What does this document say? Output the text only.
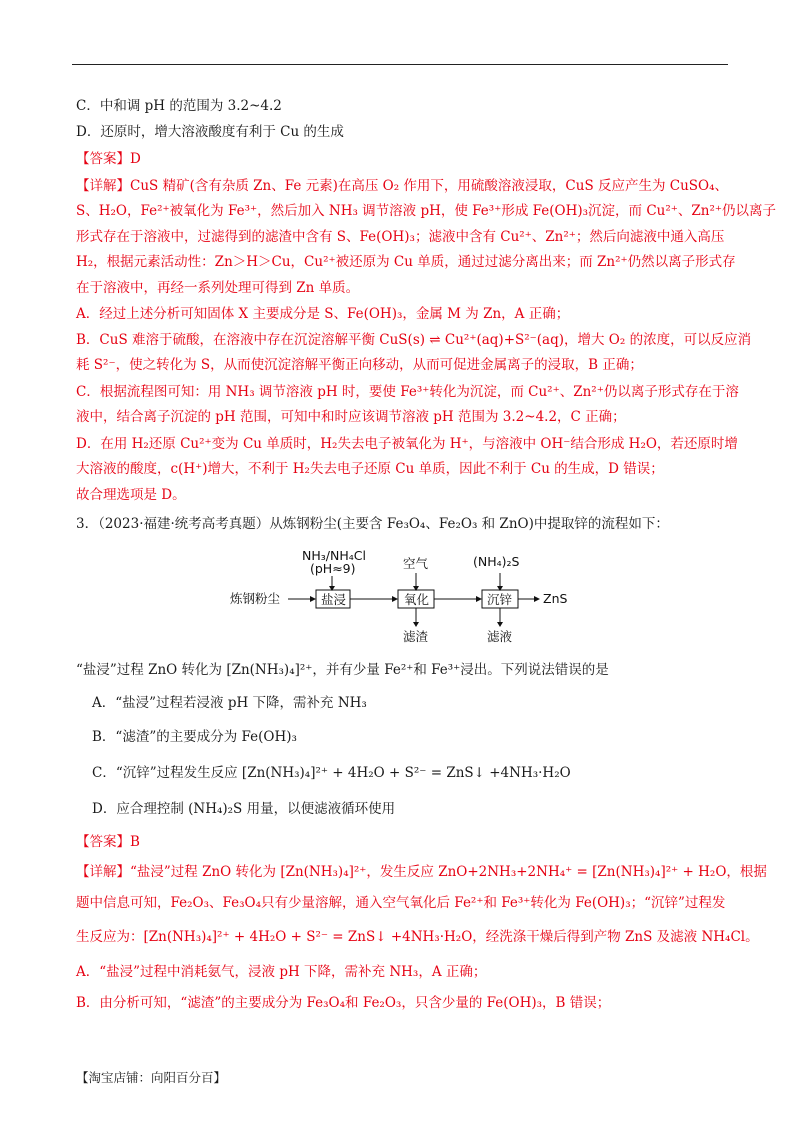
C．中和调 pH 的范围为 3.2~4.2
D．还原时，增大溶液酸度有利于 Cu 的生成
【答案】D
【详解】CuS 精矿(含有杂质 Zn、Fe 元素)在高压 O₂ 作用下，用硫酸溶液浸取，CuS 反应产生为 CuSO₄、
S、H₂O，Fe²⁺被氧化为 Fe³⁺，然后加入 NH₃ 调节溶液 pH，使 Fe³⁺形成 Fe(OH)₃沉淀，而 Cu²⁺、Zn²⁺仍以离子
形式存在于溶液中，过滤得到的滤渣中含有 S、Fe(OH)₃；滤液中含有 Cu²⁺、Zn²⁺；然后向滤液中通入高压
H₂，根据元素活动性：Zn＞H＞Cu，Cu²⁺被还原为 Cu 单质，通过过滤分离出来；而 Zn²⁺仍然以离子形式存
在于溶液中，再经一系列处理可得到 Zn 单质。
A．经过上述分析可知固体 X 主要成分是 S、Fe(OH)₃，金属 M 为 Zn，A 正确；
B．CuS 难溶于硫酸，在溶液中存在沉淀溶解平衡 CuS(s) ⇌ Cu²⁺(aq)+S²⁻(aq)，增大 O₂ 的浓度，可以反应消
耗 S²⁻，使之转化为 S，从而使沉淀溶解平衡正向移动，从而可促进金属离子的浸取，B 正确；
C．根据流程图可知：用 NH₃ 调节溶液 pH 时，要使 Fe³⁺转化为沉淀，而 Cu²⁺、Zn²⁺仍以离子形式存在于溶
液中，结合离子沉淀的 pH 范围，可知中和时应该调节溶液 pH 范围为 3.2~4.2，C 正确；
D．在用 H₂还原 Cu²⁺变为 Cu 单质时，H₂失去电子被氧化为 H⁺，与溶液中 OH⁻结合形成 H₂O，若还原时增
大溶液的酸度，c(H⁺)增大，不利于 H₂失去电子还原 Cu 单质，因此不利于 Cu 的生成，D 错误；
故合理选项是 D。
3．（2023·福建·统考高考真题）从炼钢粉尘(主要含 Fe₃O₄、Fe₂O₃ 和 ZnO)中提取锌的流程如下：
NH₃/NH₄Cl
(pH≈9)	空气	(NH₄)₂S
炼钢粉尘	盐浸	氧化	沉锌 ZnS
滤渣	滤液
“盐浸”过程 ZnO 转化为 [Zn(NH₃)₄]²⁺，并有少量 Fe²⁺和 Fe³⁺浸出。下列说法错误的是
A．“盐浸”过程若浸液 pH 下降，需补充 NH₃
B．“滤渣”的主要成分为 Fe(OH)₃
C．“沉锌”过程发生反应 [Zn(NH₃)₄]²⁺ + 4H₂O + S²⁻ = ZnS↓ +4NH₃·H₂O
D．应合理控制 (NH₄)₂S 用量，以便滤液循环使用
【答案】B
【详解】“盐浸”过程 ZnO 转化为 [Zn(NH₃)₄]²⁺，发生反应 ZnO+2NH₃+2NH₄⁺ = [Zn(NH₃)₄]²⁺ + H₂O，根据
题中信息可知，Fe₂O₃、Fe₃O₄只有少量溶解，通入空气氧化后 Fe²⁺和 Fe³⁺转化为 Fe(OH)₃；“沉锌”过程发
生反应为：[Zn(NH₃)₄]²⁺ + 4H₂O + S²⁻ = ZnS↓ +4NH₃·H₂O，经洗涤干燥后得到产物 ZnS 及滤液 NH₄Cl。
A．“盐浸”过程中消耗氨气，浸液 pH 下降，需补充 NH₃，A 正确；
B．由分析可知，“滤渣”的主要成分为 Fe₃O₄和 Fe₂O₃，只含少量的 Fe(OH)₃，B 错误；
【淘宝店铺：向阳百分百】
